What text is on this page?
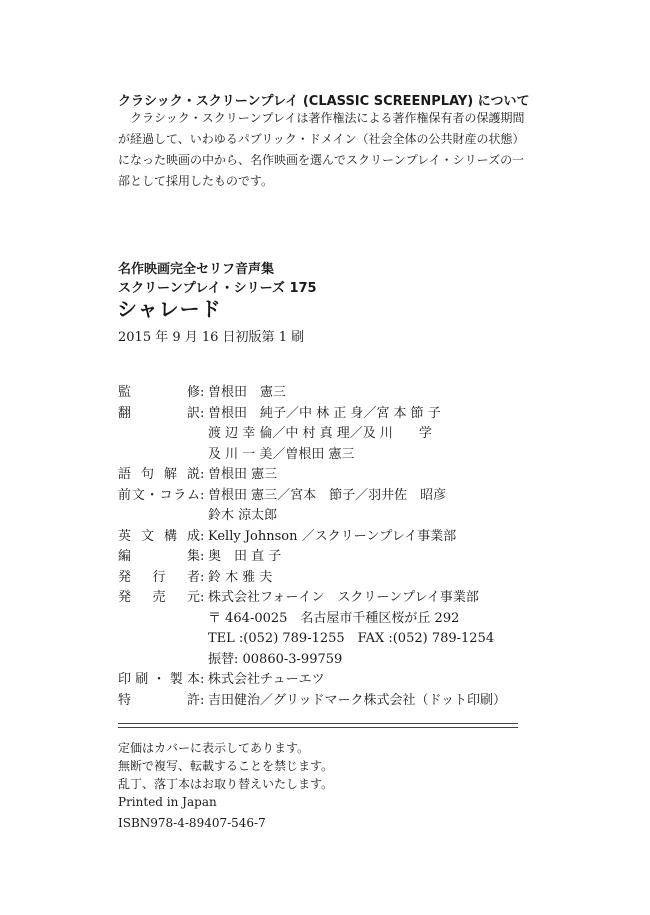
クラシック・スクリーンプレイ (CLASSIC SCREENPLAY) について
クラシック・スクリーンプレイは著作権法による著作権保有者の保護期間が経過して、いわゆるパブリック・ドメイン（社会全体の公共財産の状態）になった映画の中から、名作映画を選んでスクリーンプレイ・シリーズの一部として採用したものです。
名作映画完全セリフ音声集
スクリーンプレイ・シリーズ 175
シャレード
2015 年 9 月 16 日初版第 1 刷
監　　修 : 曽根田　憲三
翻　　訳 : 曽根田　純子／中 林 正 身／宮 本 節 子
渡 辺 幸 倫／中 村 真 理／及 川　　学
及 川 一 美／曽根田 憲三
語句解説 : 曽根田 憲三
前文・コラム : 曽根田 憲三／宮本　節子／羽井佐　昭彦
鈴木 涼太郎
英文構成 : Kelly Johnson ／スクリーンプレイ事業部
編　　集 : 奥　田 直 子
発 行 者 : 鈴 木 雅 夫
発 売 元 : 株式会社フォーイン　スクリーンプレイ事業部
〒 464-0025　名古屋市千種区桜が丘 292
TEL :(052) 789-1255　FAX :(052) 789-1254
振替: 00860-3-99759
印刷・製本 : 株式会社チューエツ
特　　許 : 吉田健治／グリッドマーク株式会社（ドット印刷）
定価はカバーに表示してあります。
無断で複写、転載することを禁じます。
乱丁、落丁本はお取り替えいたします。
Printed in Japan
ISBN978-4-89407-546-7
